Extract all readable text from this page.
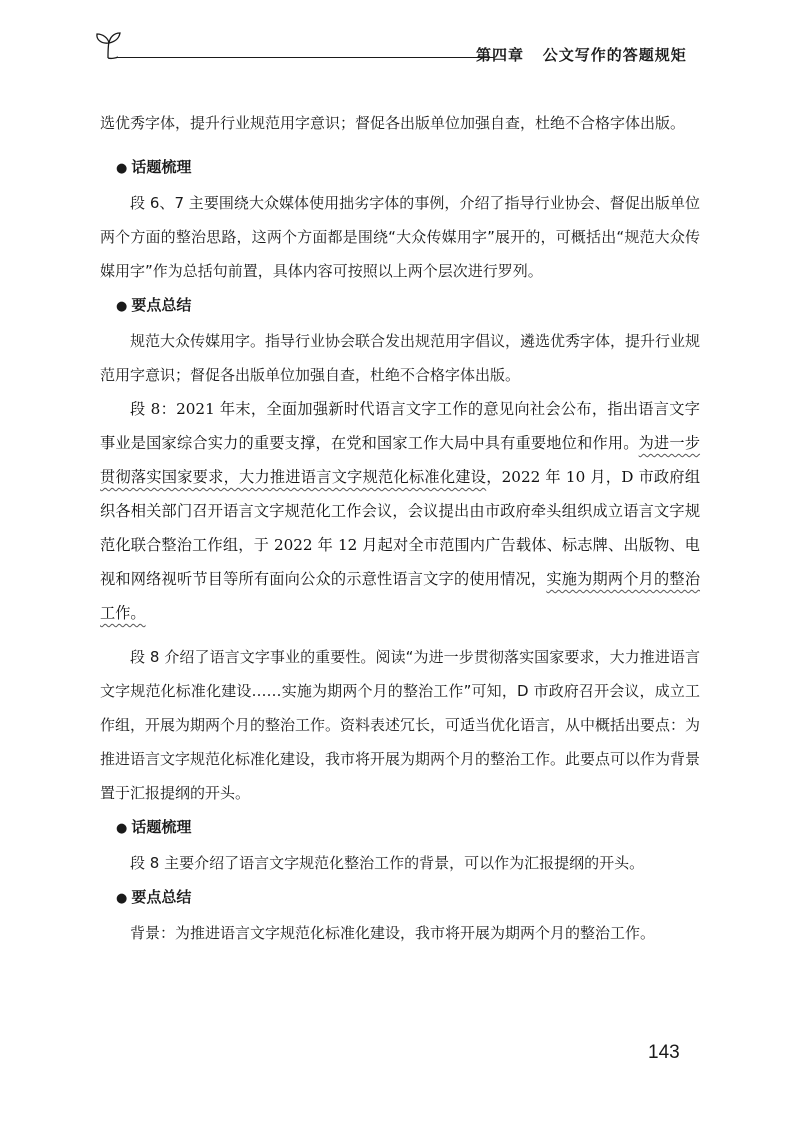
第四章 公文写作的答题规矩

选优秀字体，提升行业规范用字意识；督促各出版单位加强自查，杜绝不合格字体出版。

● 话题梳理

段 6、7 主要围绕大众媒体使用拙劣字体的事例，介绍了指导行业协会、督促出版单位两个方面的整治思路，这两个方面都是围绕“大众传媒用字”展开的，可概括出“规范大众传媒用字”作为总括句前置，具体内容可按照以上两个层次进行罗列。

● 要点总结

规范大众传媒用字。指导行业协会联合发出规范用字倡议，遴选优秀字体，提升行业规范用字意识；督促各出版单位加强自查，杜绝不合格字体出版。

段 8：2021 年末，全面加强新时代语言文字工作的意见向社会公布，指出语言文字事业是国家综合实力的重要支撑，在党和国家工作大局中具有重要地位和作用。为进一步贯彻落实国家要求，大力推进语言文字规范化标准化建设，2022 年 10 月，D 市政府组织各相关部门召开语言文字规范化工作会议，会议提出由市政府牵头组织成立语言文字规范化联合整治工作组，于 2022 年 12 月起对全市范围内广告载体、标志牌、出版物、电视和网络视听节目等所有面向公众的示意性语言文字的使用情况，实施为期两个月的整治工作。

段 8 介绍了语言文字事业的重要性。阅读“为进一步贯彻落实国家要求，大力推进语言文字规范化标准化建设……实施为期两个月的整治工作”可知，D 市政府召开会议，成立工作组，开展为期两个月的整治工作。资料表述冗长，可适当优化语言，从中概括出要点：为推进语言文字规范化标准化建设，我市将开展为期两个月的整治工作。此要点可以作为背景置于汇报提纲的开头。

● 话题梳理

段 8 主要介绍了语言文字规范化整治工作的背景，可以作为汇报提纲的开头。

● 要点总结

背景：为推进语言文字规范化标准化建设，我市将开展为期两个月的整治工作。

143
